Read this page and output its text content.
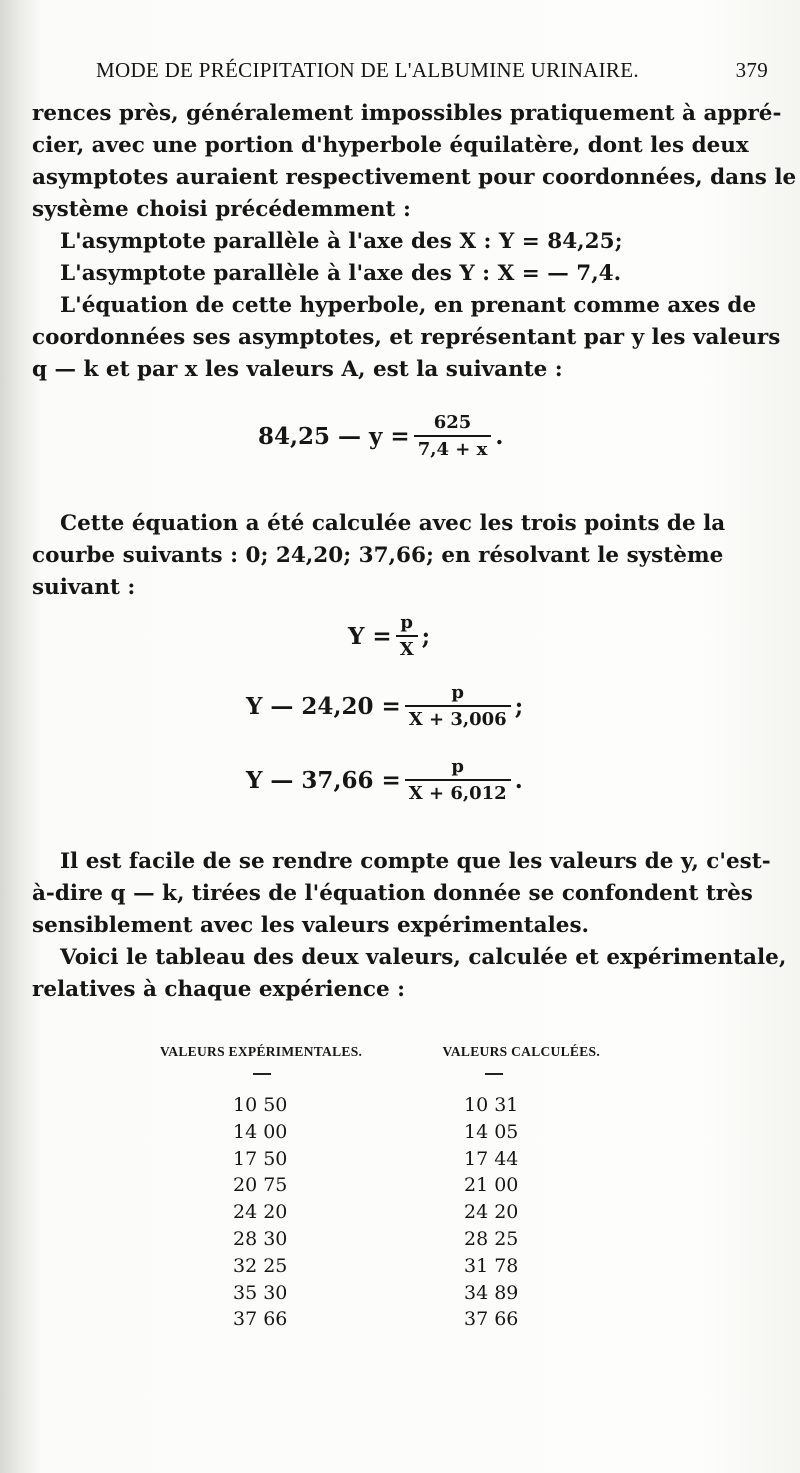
MODE DE PRÉCIPITATION DE L'ALBUMINE URINAIRE.	379
rences près, généralement impossibles pratiquement à appré-
cier, avec une portion d'hyperbole équilatère, dont les deux
asymptotes auraient respectivement pour coordonnées, dans le
système choisi précédemment :
L'asymptote parallèle à l'axe des X : Y = 84,25;
L'asymptote parallèle à l'axe des Y : X = — 7,4.
L'équation de cette hyperbole, en prenant comme axes de
coordonnées ses asymptotes, et représentant par y les valeurs
q — k et par x les valeurs A, est la suivante :
84,25 — $y = \frac{625}{7,4 + x}$ .
Cette équation a été calculée avec les trois points de la
courbe suivants : 0; 24,20; 37,66; en résolvant le système
suivant :
$Y = \frac{p}{X}$ ;
Y — $24,20 = \frac{p}{X + 3,006}$ ;
Y — $37,66 = \frac{p}{X + 6,012}$ .
Il est facile de se rendre compte que les valeurs de y, c'est-
à-dire q — k, tirées de l'équation donnée se confondent très
sensiblement avec les valeurs expérimentales.
Voici le tableau des deux valeurs, calculée et expérimentale,
relatives à chaque expérience :
VALEURS EXPÉRIMENTALES.	VALEURS CALCULÉES.
10 50
14 00
17 50
20 75
24 20
28 30
32 25
35 30
37 66
10 31
14 05
17 44
21 00
24 20
28 25
31 78
34 89
37 66
